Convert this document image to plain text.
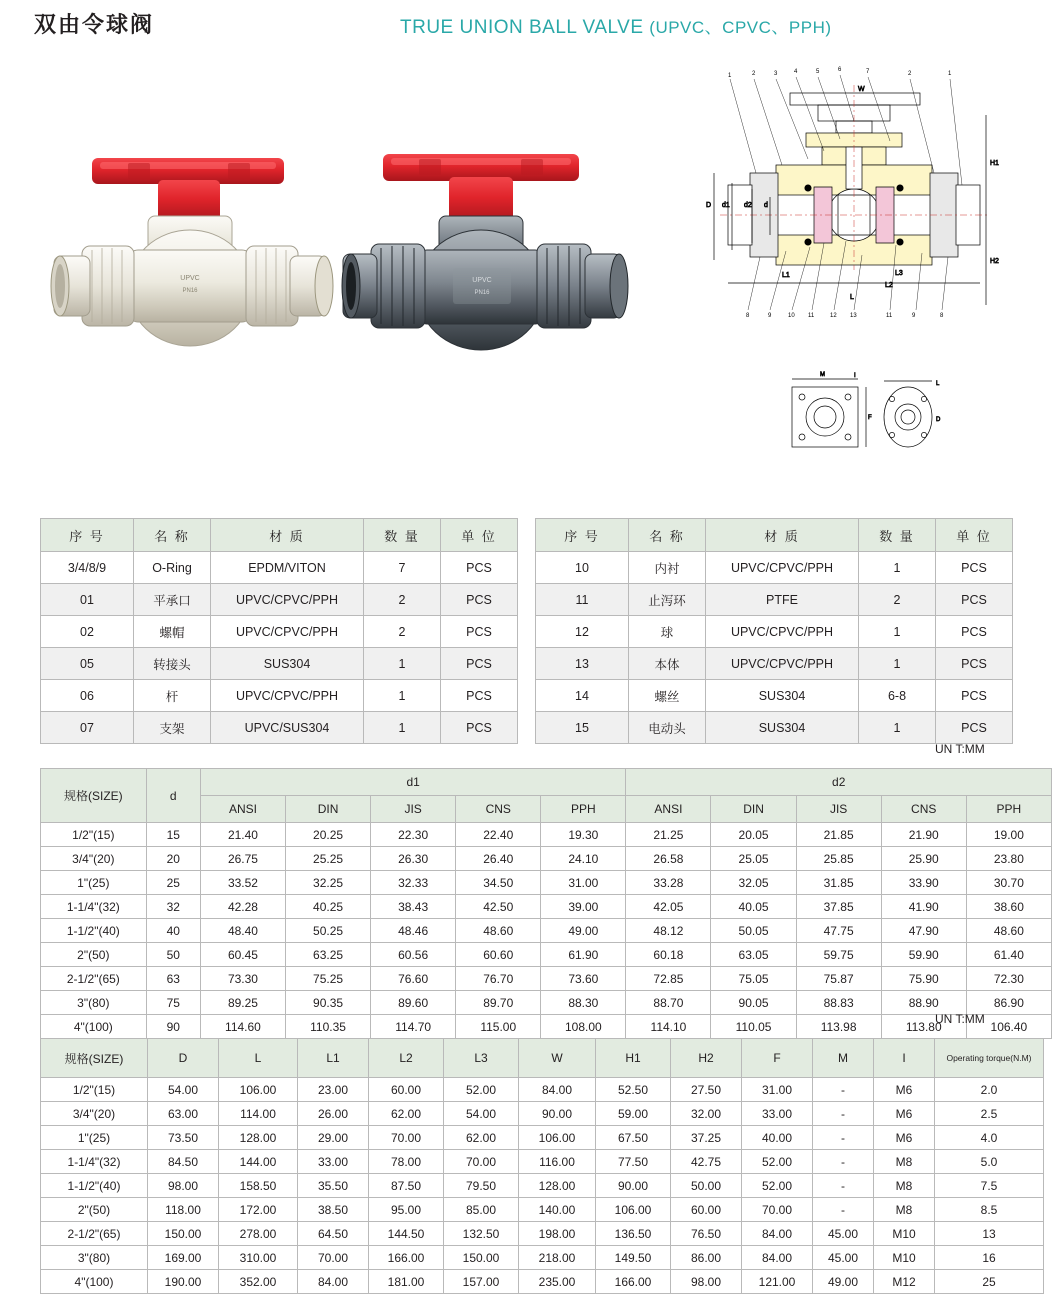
双由令球阀	TRUE UNION BALL VALVE (UPVC、CPVC、PPH)
UPVC
PN16
UPVC
PN16
H1
H2
D d1 d2 d
L
L1	L3
L2
W
1	2	3	4	5	6	7	2	1
8	9	10 11	12 13	11	9	8
M
F
I
L
D
序 号	名 称	材 质	数 量	单 位
3/4/8/9	O-Ring	EPDM/VITON	7	PCS
01	平承口	UPVC/CPVC/PPH	2	PCS
02	螺帽	UPVC/CPVC/PPH	2	PCS
05	转接头	SUS304	1	PCS
06	杆	UPVC/CPVC/PPH	1	PCS
07	支架	UPVC/SUS304	1	PCS
序 号	名 称	材 质	数 量	单 位
10	内衬	UPVC/CPVC/PPH	1	PCS
11	止泻环	PTFE	2	PCS
12	球	UPVC/CPVC/PPH	1	PCS
13	本体	UPVC/CPVC/PPH	1	PCS
14	螺丝	SUS304	6-8	PCS
15	电动头	SUS304	1	PCS
UN T:MM
规格(SIZE)	d	d1					d2				
		ANSI	DIN	JIS	CNS	PPH	ANSI	DIN	JIS	CNS	PPH
1/2"(15)	15	21.40	20.25	22.30	22.40	19.30	21.25	20.05	21.85	21.90	19.00
3/4"(20)	20	26.75	25.25	26.30	26.40	24.10	26.58	25.05	25.85	25.90	23.80
1"(25)	25	33.52	32.25	32.33	34.50	31.00	33.28	32.05	31.85	33.90	30.70
1-1/4"(32)	32	42.28	40.25	38.43	42.50	39.00	42.05	40.05	37.85	41.90	38.60
1-1/2"(40)	40	48.40	50.25	48.46	48.60	49.00	48.12	50.05	47.75	47.90	48.60
2"(50)	50	60.45	63.25	60.56	60.60	61.90	60.18	63.05	59.75	59.90	61.40
2-1/2"(65)	63	73.30	75.25	76.60	76.70	73.60	72.85	75.05	75.87	75.90	72.30
3"(80)	75	89.25	90.35	89.60	89.70	88.30	88.70	90.05	88.83	88.90	86.90
4"(100)	90	114.60	110.35	114.70	115.00	108.00	114.10	110.05	113.98	113.80	106.40
UN T:MM
规格(SIZE)	D	L	L1	L2	L3	W	H1	H2	F	M	I	Operating torque(N.M)
1/2"(15)	54.00	106.00	23.00	60.00	52.00	84.00	52.50	27.50	31.00	-	M6	2.0
3/4"(20)	63.00	114.00	26.00	62.00	54.00	90.00	59.00	32.00	33.00	-	M6	2.5
1"(25)	73.50	128.00	29.00	70.00	62.00	106.00	67.50	37.25	40.00	-	M6	4.0
1-1/4"(32)	84.50	144.00	33.00	78.00	70.00	116.00	77.50	42.75	52.00	-	M8	5.0
1-1/2"(40)	98.00	158.50	35.50	87.50	79.50	128.00	90.00	50.00	52.00	-	M8	7.5
2"(50)	118.00	172.00	38.50	95.00	85.00	140.00	106.00	60.00	70.00	-	M8	8.5
2-1/2"(65)	150.00	278.00	64.50	144.50	132.50	198.00	136.50	76.50	84.00	45.00	M10	13
3"(80)	169.00	310.00	70.00	166.00	150.00	218.00	149.50	86.00	84.00	45.00	M10	16
4"(100)	190.00	352.00	84.00	181.00	157.00	235.00	166.00	98.00	121.00	49.00	M12	25
